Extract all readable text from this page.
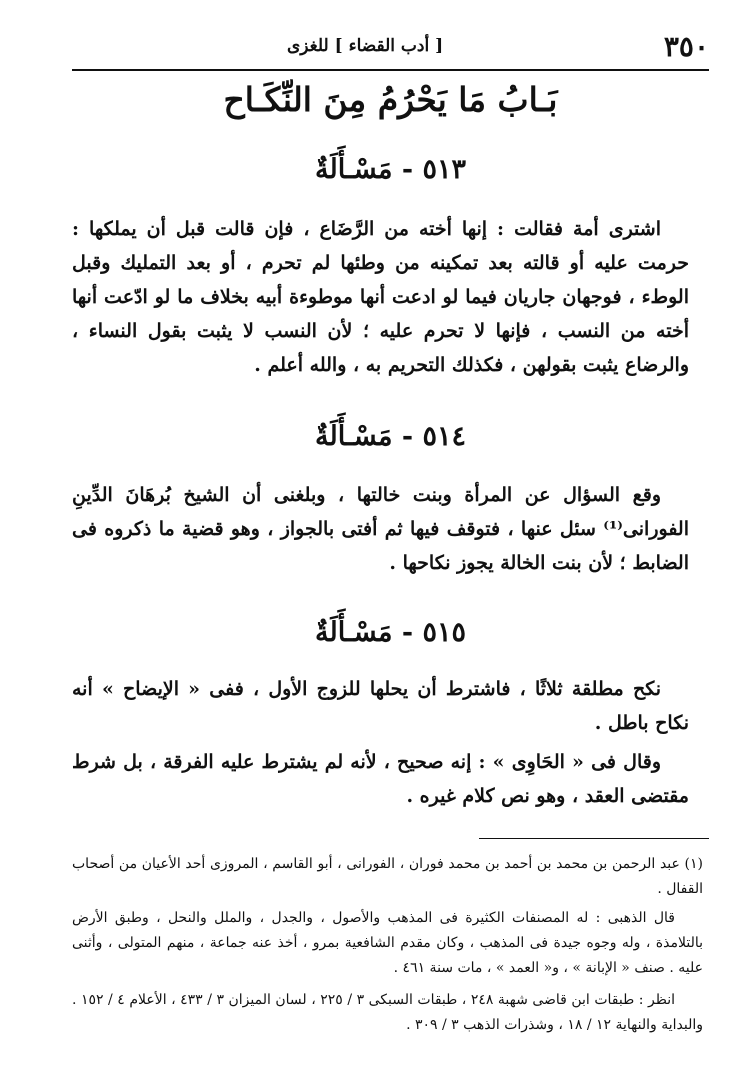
٣٥٠
[ أدب القضاء ] للغزى
بَـابُ مَا يَحْرُمُ مِنَ النِّكَـاح
٥١٣ - مَسْـأَلَةٌ

اشترى أمة فقالت : إنها أخته من الرَّضَاع ، فإن قالت قبل أن يملكها : حرمت عليه أو قالته بعد تمكينه من وطئها لم تحرم ، أو بعد التمليك وقبل الوطء ، فوجهان جاريان فيما لو ادعت أنها موطوءة أبيه بخلاف ما لو ادّعت أنها أخته من النسب ، فإنها لا تحرم عليه ؛ لأن النسب لا يثبت بقول النساء ، والرضاع يثبت بقولهن ، فكذلك التحريم به ، والله أعلم .

٥١٤ - مَسْـأَلَةٌ

وقع السؤال عن المرأة وبنت خالتها ، وبلغنى أن الشيخ بُرهَانَ الدِّينِ الفورانى⁽¹⁾ سئل عنها ، فتوقف فيها ثم أفتى بالجواز ، وهو قضية ما ذكروه فى الضابط ؛ لأن بنت الخالة يجوز نكاحها .

٥١٥ - مَسْـأَلَةٌ

نكح مطلقة ثلاثًا ، فاشترط أن يحلها للزوج الأول ، ففى « الإيضاح » أنه نكاح باطل .

وقال فى « الحَاوِى » : إنه صحيح ، لأنه لم يشترط عليه الفرقة ، بل شرط مقتضى العقد ، وهو نص كلام غيره .

(١) عبد الرحمن بن محمد بن أحمد بن محمد فوران ، الفورانى ، أبو القاسم ، المروزى أحد الأعيان من أصحاب القفال .

قال الذهبى : له المصنفات الكثيرة فى المذهب والأصول ، والجدل ، والملل والنحل ، وطبق الأرض بالتلامذة ، وله وجوه جيدة فى المذهب ، وكان مقدم الشافعية بمرو ، أخذ عنه جماعة ، منهم المتولى ، وأثنى عليه . صنف « الإبانة » ، و« العمد » ، مات سنة ٤٦١ .

انظر : طبقات ابن قاضى شهبة ٢٤٨ ، طبقات السبكى ٣ / ٢٢٥ ، لسان الميزان ٣ / ٤٣٣ ، الأعلام ٤ / ١٥٢ . والبداية والنهاية ١٢ / ١٨ ، وشذرات الذهب ٣ / ٣٠٩ .
